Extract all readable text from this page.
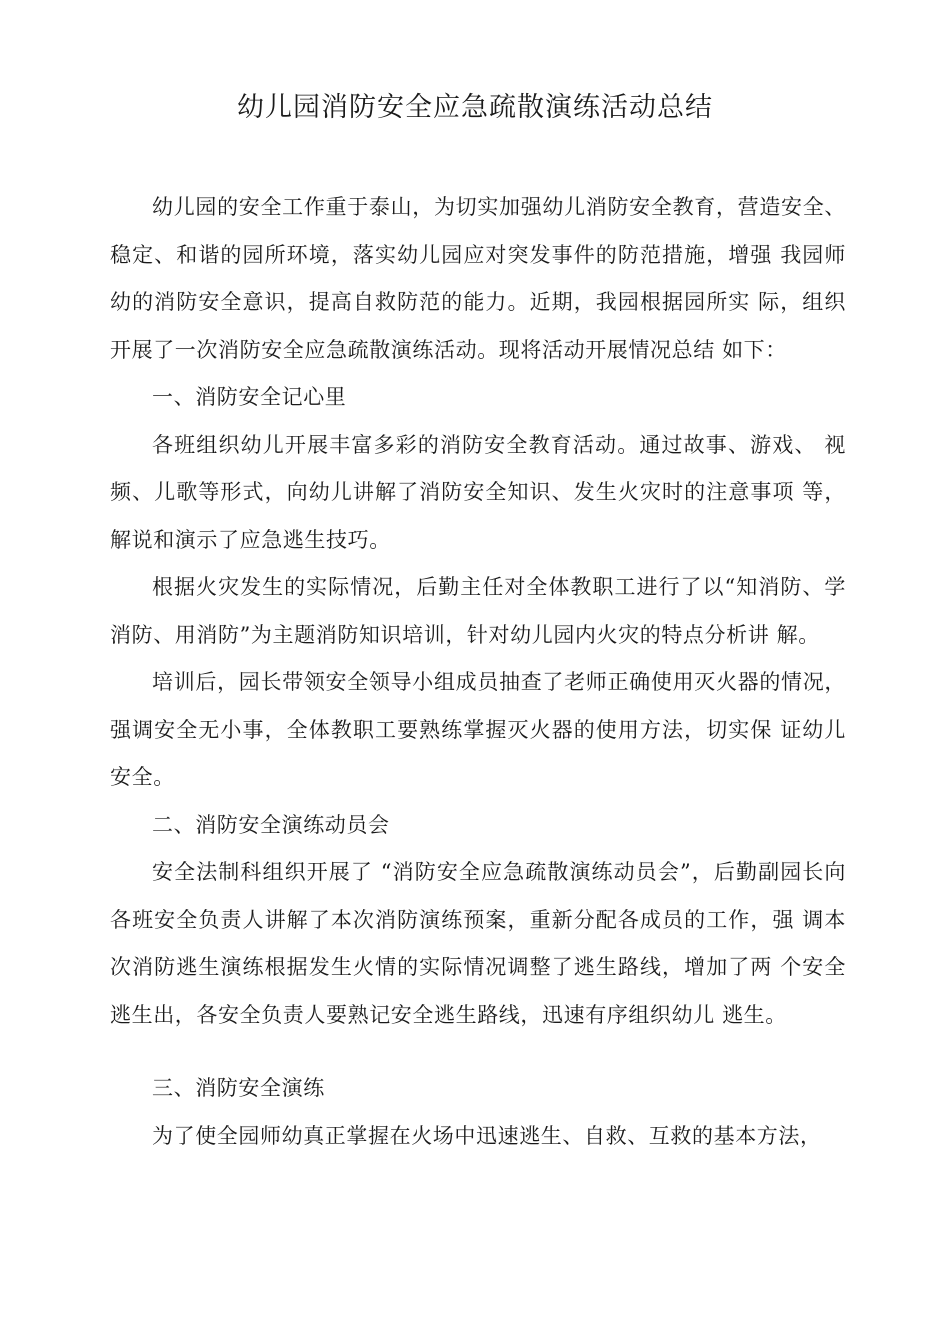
幼儿园消防安全应急疏散演练活动总结

幼儿园的安全工作重于泰山，为切实加强幼儿消防安全教育，营造安全、稳定、和谐的园所环境，落实幼儿园应对突发事件的防范措施，增强 我园师幼的消防安全意识，提高自救防范的能力。近期，我园根据园所实 际，组织开展了一次消防安全应急疏散演练活动。现将活动开展情况总结 如下：

一、消防安全记心里

各班组织幼儿开展丰富多彩的消防安全教育活动。通过故事、游戏、 视频、儿歌等形式，向幼儿讲解了消防安全知识、发生火灾时的注意事项 等，解说和演示了应急逃生技巧。

根据火灾发生的实际情况，后勤主任对全体教职工进行了以“知消防、学消防、用消防”为主题消防知识培训，针对幼儿园内火灾的特点分析讲 解。

培训后，园长带领安全领导小组成员抽查了老师正确使用灭火器的情况，强调安全无小事，全体教职工要熟练掌握灭火器的使用方法，切实保 证幼儿安全。

二、消防安全演练动员会

安全法制科组织开展了 “消防安全应急疏散演练动员会”，后勤副园长向各班安全负责人讲解了本次消防演练预案，重新分配各成员的工作，强 调本次消防逃生演练根据发生火情的实际情况调整了逃生路线，增加了两 个安全逃生出，各安全负责人要熟记安全逃生路线，迅速有序组织幼儿 逃生。

三、消防安全演练

为了使全园师幼真正掌握在火场中迅速逃生、自救、互救的基本方法，
